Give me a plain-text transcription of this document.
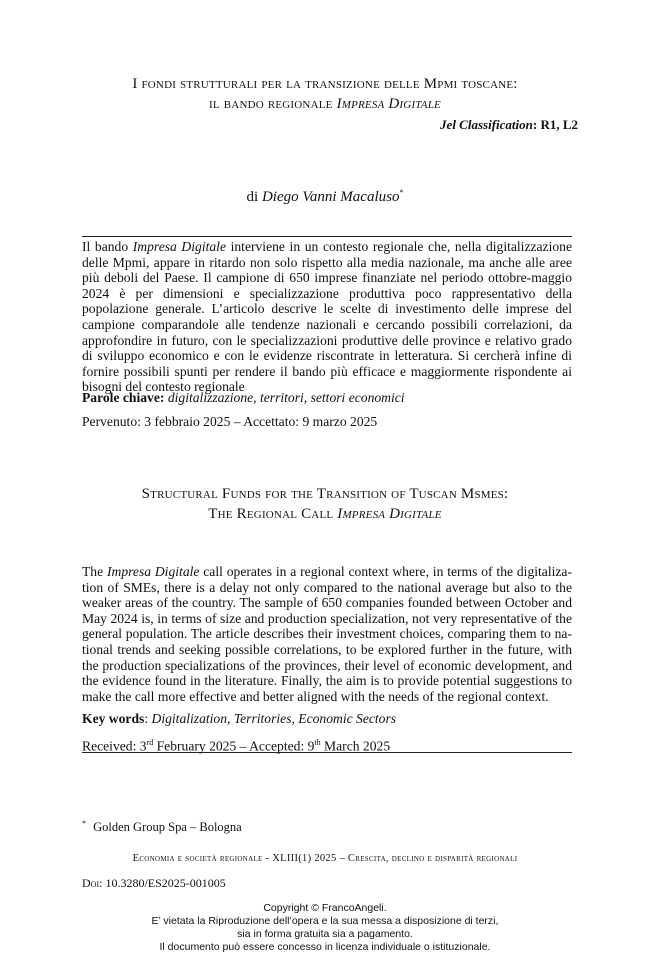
I fondi strutturali per la transizione delle Mpmi toscane:
il bando regionale Impresa Digitale
Jel Classification: R1, L2
di Diego Vanni Macaluso*
Il bando Impresa Digitale interviene in un contesto regionale che, nella digitalizzazione delle Mpmi, appare in ritardo non solo rispetto alla media nazionale, ma anche alle aree più deboli del Paese. Il campione di 650 imprese finanziate nel periodo ottobre-maggio 2024 è per dimensioni e specializzazione produttiva poco rappresentativo della popolazione generale. L’articolo descrive le scelte di investimento delle imprese del campione comparandole alle tendenze nazionali e cercando possibili correlazioni, da approfondire in futuro, con le specializzazioni produttive delle province e relativo grado di sviluppo economico e con le evidenze riscontrate in letteratura. Si cercherà infine di fornire possibili spunti per rendere il bando più efficace e maggiormente rispondente ai bisogni del contesto regionale
Parole chiave: digitalizzazione, territori, settori economici
Pervenuto: 3 febbraio 2025 – Accettato: 9 marzo 2025
Structural Funds for the Transition of Tuscan Msmes:
The Regional Call Impresa Digitale
The Impresa Digitale call operates in a regional context where, in terms of the digitalization of SMEs, there is a delay not only compared to the national average but also to the weaker areas of the country. The sample of 650 companies founded between October and May 2024 is, in terms of size and production specialization, not very representative of the general population. The article describes their investment choices, comparing them to national trends and seeking possible correlations, to be explored further in the future, with the production specializations of the provinces, their level of economic development, and the evidence found in the literature. Finally, the aim is to provide potential suggestions to make the call more effective and better aligned with the needs of the regional context.
Key words: Digitalization, Territories, Economic Sectors
Received: 3rd February 2025 – Accepted: 9th March 2025
* Golden Group Spa – Bologna
Economia e società regionale - XLIII(1) 2025 – Crescita, declino e disparità regionali
Doi: 10.3280/ES2025-001005
Copyright © FrancoAngeli.
E’ vietata la Riproduzione dell’opera e la sua messa a disposizione di terzi,
sia in forma gratuita sia a pagamento.
Il documento può essere concesso in licenza individuale o istituzionale.
